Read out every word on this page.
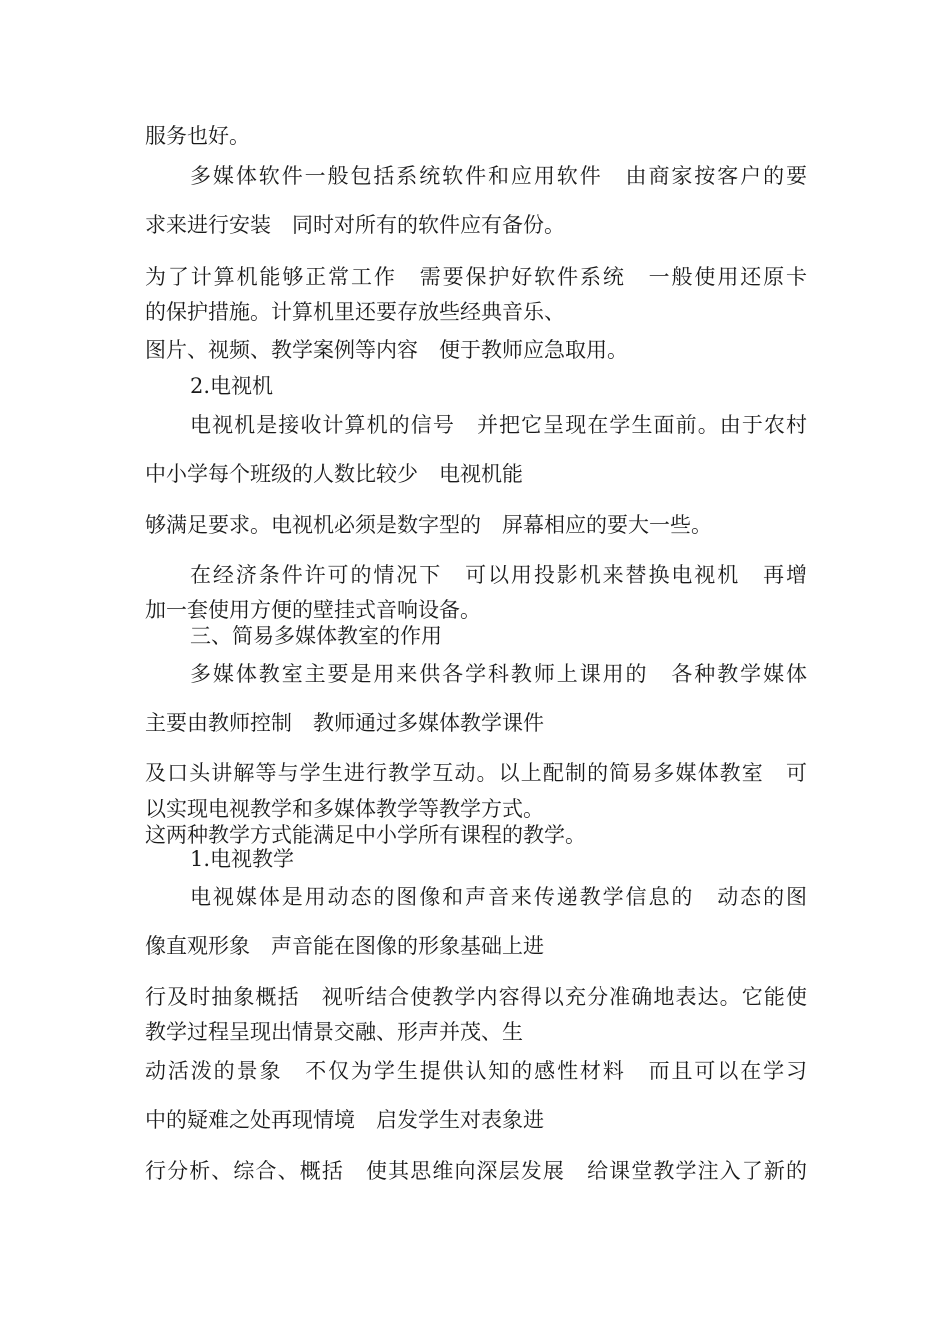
服务也好。
多媒体软件一般包括系统软件和应用软件　由商家按客户的要
求来进行安装　同时对所有的软件应有备份。
为了计算机能够正常工作　需要保护好软件系统　一般使用还原卡
的保护措施。计算机里还要存放些经典音乐、
图片、视频、教学案例等内容　便于教师应急取用。
2.电视机
电视机是接收计算机的信号　并把它呈现在学生面前。由于农村
中小学每个班级的人数比较少　电视机能
够满足要求。电视机必须是数字型的　屏幕相应的要大一些。
在经济条件许可的情况下　可以用投影机来替换电视机　再增
加一套使用方便的壁挂式音响设备。
三、简易多媒体教室的作用
多媒体教室主要是用来供各学科教师上课用的　各种教学媒体
主要由教师控制　教师通过多媒体教学课件
及口头讲解等与学生进行教学互动。以上配制的简易多媒体教室　可
以实现电视教学和多媒体教学等教学方式。
这两种教学方式能满足中小学所有课程的教学。
1.电视教学
电视媒体是用动态的图像和声音来传递教学信息的　动态的图
像直观形象　声音能在图像的形象基础上进
行及时抽象概括　视听结合使教学内容得以充分准确地表达。它能使
教学过程呈现出情景交融、形声并茂、生
动活泼的景象　不仅为学生提供认知的感性材料　而且可以在学习
中的疑难之处再现情境　启发学生对表象进
行分析、综合、概括　使其思维向深层发展　给课堂教学注入了新的
